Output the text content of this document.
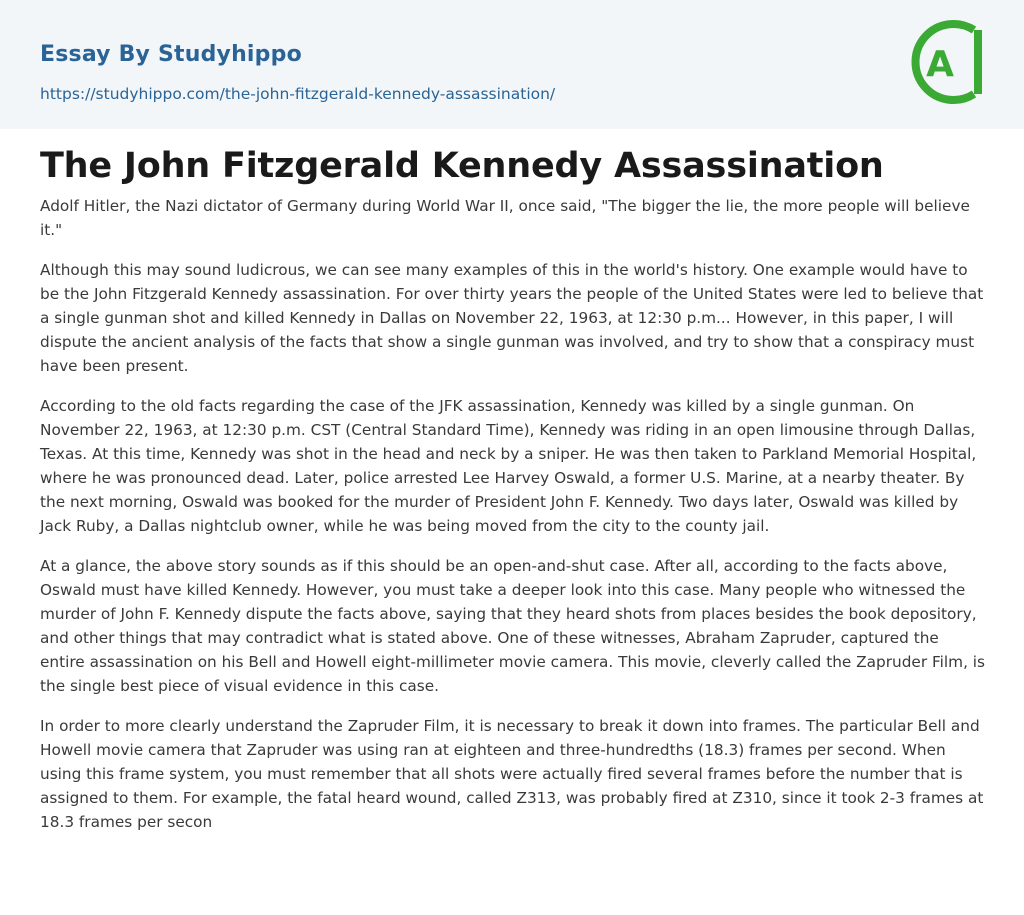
Essay By Studyhippo
https://studyhippo.com/the-john-fitzgerald-kennedy-assassination/
A
The John Fitzgerald Kennedy Assassination

Adolf Hitler, the Nazi dictator of Germany during World War II, once said, "The bigger the lie, the more people will believe it."

Although this may sound ludicrous, we can see many examples of this in the world's history. One example would have to be the John Fitzgerald Kennedy assassination. For over thirty years the people of the United States were led to believe that a single gunman shot and killed Kennedy in Dallas on November 22, 1963, at 12:30 p.m... However, in this paper, I will dispute the ancient analysis of the facts that show a single gunman was involved, and try to show that a conspiracy must have been present.

According to the old facts regarding the case of the JFK assassination, Kennedy was killed by a single gunman. On November 22, 1963, at 12:30 p.m. CST (Central Standard Time), Kennedy was riding in an open limousine through Dallas, Texas. At this time, Kennedy was shot in the head and neck by a sniper. He was then taken to Parkland Memorial Hospital, where he was pronounced dead. Later, police arrested Lee Harvey Oswald, a former U.S. Marine, at a nearby theater. By the next morning, Oswald was booked for the murder of President John F. Kennedy. Two days later, Oswald was killed by Jack Ruby, a Dallas nightclub owner, while he was being moved from the city to the county jail.

At a glance, the above story sounds as if this should be an open-and-shut case. After all, according to the facts above, Oswald must have killed Kennedy. However, you must take a deeper look into this case. Many people who witnessed the murder of John F. Kennedy dispute the facts above, saying that they heard shots from places besides the book depository, and other things that may contradict what is stated above. One of these witnesses, Abraham Zapruder, captured the entire assassination on his Bell and Howell eight-millimeter movie camera. This movie, cleverly called the Zapruder Film, is the single best piece of visual evidence in this case.

In order to more clearly understand the Zapruder Film, it is necessary to break it down into frames. The particular Bell and Howell movie camera that Zapruder was using ran at eighteen and three-hundredths (18.3) frames per second. When using this frame system, you must remember that all shots were actually fired several frames before the number that is assigned to them. For example, the fatal heard wound, called Z313, was probably fired at Z310, since it took 2-3 frames at 18.3 frames per secon
